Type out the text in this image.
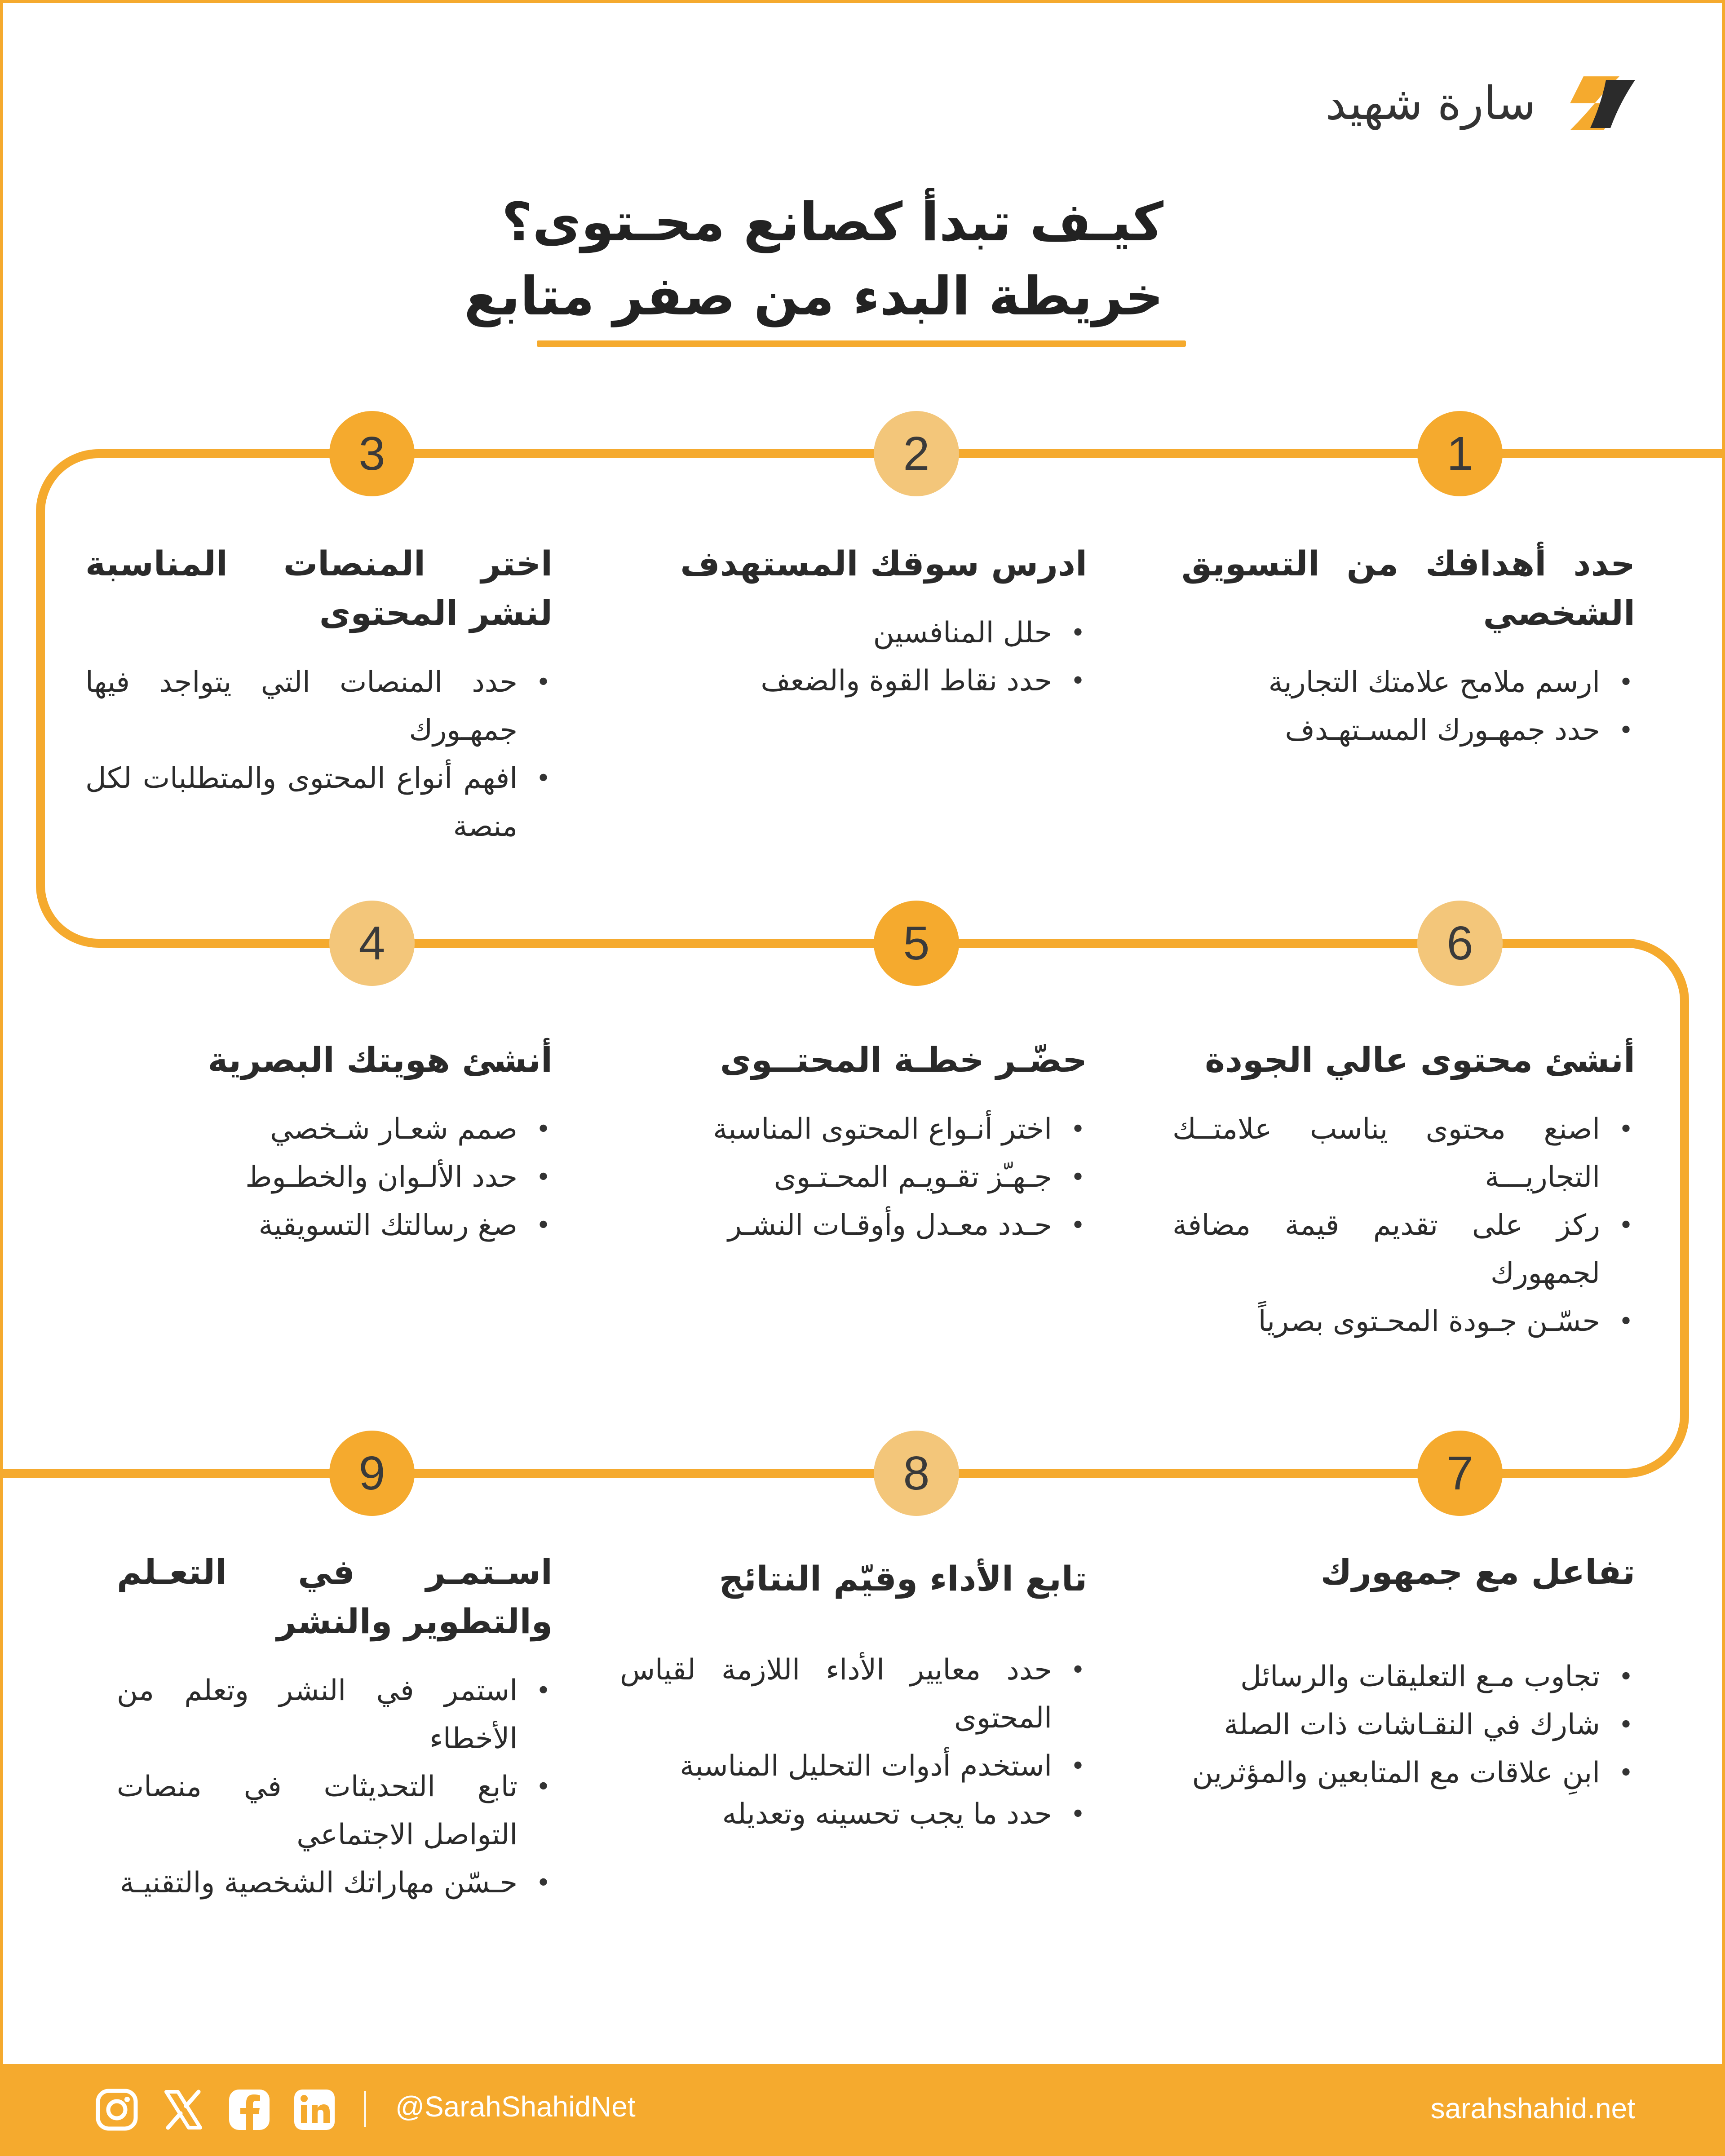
سارة شهيد
كيـف تبدأ كصانع محـتوى؟
خريطة البدء من صفر متابع
1
2
3
4	5	6
7
8
9
حدد أهدافك من التسويق الشخصي
• ارسم ملامح علامتك التجارية
• حدد جمهـورك المسـتهـدف
ادرس سوقك المستهدف
• حلل المنافسين
• حدد نقاط القوة والضعف
اختر المنصات المناسبة لنشر المحتوى
• حدد المنصات التي يتواجد فيها جمهـورك
• افهم أنواع المحتوى والمتطلبات لكل منصة
أنشئ هويتك البصرية
• صمم شعـار شـخصي
• حدد الألـوان والخطـوط
• صغ رسالتك التسويقية
حضّـر خطـة المحتــوى
• اختر أنـواع المحتوى المناسبة
• جـهـّز تقـويـم المحـتـوى
• حـدد معـدل وأوقـات النشـر
أنشئ محتوى عالي الجودة
• اصنع محتوى يناسب علامتــك التجاريـــة
• ركز على تقديم قيمة مضافة لجمهورك
• حسّـن جـودة المحـتوى بصرياً
تفاعل مع جمهورك
• تجاوب مـع التعليقات والرسائل
• شارك في النقـاشات ذات الصلة
• ابنِ علاقات مع المتابعين والمؤثرين
تابع الأداء وقيّم النتائج
• حدد معايير الأداء اللازمة لقياس المحتوى
• استخدم أدوات التحليل المناسبة
• حدد ما يجب تحسينه وتعديله
اسـتمـر في التعـلم والتطوير والنشر
• استمر في النشر وتعلم من الأخطاء
• تابع التحديثات في منصات التواصل الاجتماعي
• حـسّن مهاراتك الشخصية والتقنيـة
@SarahShahidNet	sarahshahid.net
